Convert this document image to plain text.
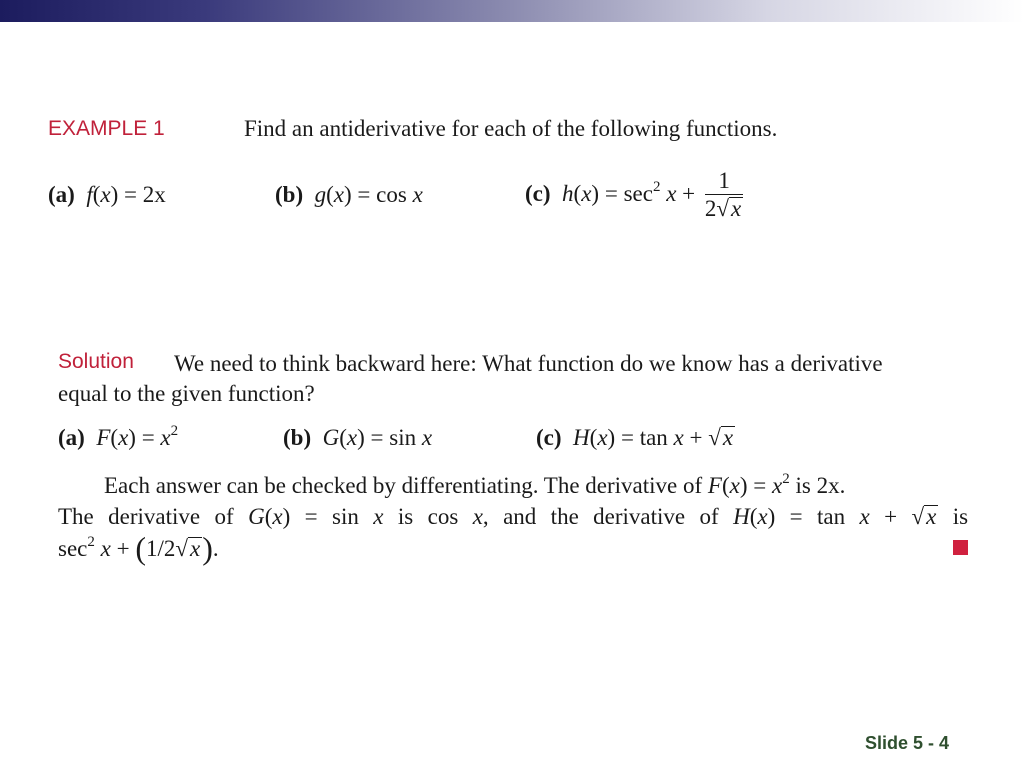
EXAMPLE 1	Find an antiderivative for each of the following functions.
(a) f(x) = 2x	(b) g(x) = cos x	(c) $h(x) = \sec^2 x + \frac{1}{2√x}$
Solution We need to think backward here: What function do we know has a derivative
equal to the given function?
(a) $F(x) = x^2$	(b) G(x) = sin x	(c) H(x) = tan x + √x
Each answer can be checked by differentiating. The derivative of $F(x) = x^2$ is 2x.
The derivative of G(x) = sin x is cos x, and the derivative of H(x) = tan x + √x is
$\sec^2 x + (1/2√x)$.
Slide 5 - 4
